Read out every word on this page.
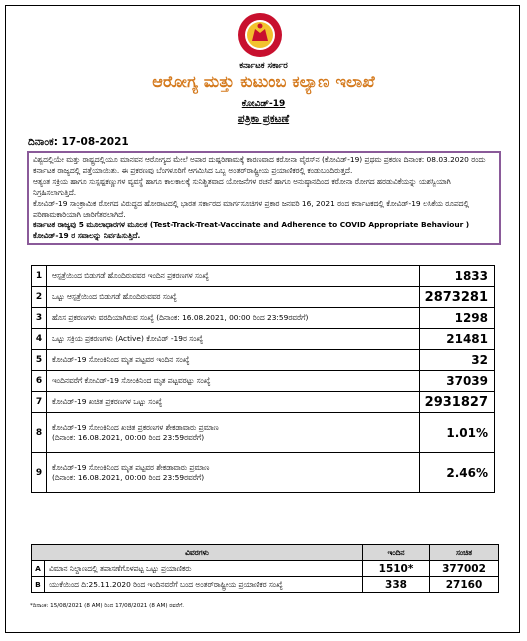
ಕರ್ನಾಟಕ ಸರ್ಕಾರ
ಆರೋಗ್ಯ ಮತ್ತು ಕುಟುಂಬ ಕಲ್ಯಾಣ ಇಲಾಖೆ
ಕೋವಿಡ್-19
ಪತ್ರಿಕಾ ಪ್ರಕಟಣೆ
ದಿನಾಂಕ: 17-08-2021

ವಿಶ್ವದಲ್ಲಿಯೇ ಮತ್ತು ರಾಷ್ಟ್ರದಲ್ಲಿಯೂ ಮಾನವನ ಆರೋಗ್ಯದ ಮೇಲೆ ಅಪಾರ ದುಷ್ಪರಿಣಾಮಕ್ಕೆ ಕಾರಣವಾದ ಕರೋನಾ ವೈರಸ್‌ನ (ಕೋವಿಡ್-19) ಪ್ರಥಮ ಪ್ರಕರಣ ದಿನಾಂಕ: 08.03.2020 ರಂದು ಕರ್ನಾಟಕ ರಾಜ್ಯದಲ್ಲಿ ಪತ್ತೆಯಾಯಿತು. ಈ ಪ್ರಕರಣವು ಬೆಂಗಳೂರಿಗೆ ಆಗಮಿಸಿದ ಒಬ್ಬ ಅಂತರ್‌ರಾಷ್ಟ್ರೀಯ ಪ್ರಯಾಣಿಕರಲ್ಲಿ ಕಂಡುಬಂದಿರುತ್ತದೆ.

ಆತ್ಯಂತ ಸಕ್ರಿಯ ಹಾಗೂ ಸುಸ್ಪಷ್ಟಕಣ್ಣುಗಳ ವ್ಯವಸ್ಥೆ ಹಾಗೂ ಕಾಲಕಾಲಕ್ಕೆ ಸುನಿಶ್ಚಿತವಾದ ಯೋಜನೆಗಳ ರಚನೆ ಹಾಗೂ ಅನುಷ್ಠಾನದಿಂದ ಕರೋನಾ ರೋಗದ ಹರಡುವಿಕೆಯನ್ನು ಯಶಸ್ವಿಯಾಗಿ ನಿಗ್ರಹಿಸಲಾಗುತ್ತಿದೆ.

ಕೋವಿಡ್-19 ಸಾಂಕ್ರಾಮಿಕ ರೋಗದ ವಿರುದ್ಧದ ಹೋರಾಟದಲ್ಲಿ ಭಾರತ ಸರ್ಕಾರದ ಮಾರ್ಗಸೂಚಿಗಳ ಪ್ರಕಾರ ಜನವರಿ 16, 2021 ರಂದ ಕರ್ನಾಟಕದಲ್ಲಿ ಕೋವಿಡ್-19 ಲಸಿಕೆಯ ರೂಪದಲ್ಲಿ ಪರಿಣಾಮಕಾರಿಯಾಗಿ ಜಾರಿಗೆತರಲಾಗಿದೆ.

ಕರ್ನಾಟಕ ರಾಜ್ಯವು 5 ಮೂಲಾಧಾರಗಳ ಮೂಲಕ (Test-Track-Treat-Vaccinate and Adherence to COVID Appropriate Behaviour ) ಕೋವಿಡ್-19 ರ ಸವಾಲನ್ನು ನಿರ್ವಹಿಸುತ್ತಿದೆ.

1	ಆಸ್ಪತ್ರೆಯಿಂದ ಬಿಡುಗಡೆ ಹೊಂದಿರುವವರ ಇಂದಿನ ಪ್ರಕರಣಗಳ ಸಂಖ್ಯೆ	1833
2	ಒಟ್ಟು ಆಸ್ಪತ್ರೆಯಿಂದ ಬಿಡುಗಡೆ ಹೊಂದಿರುವವರ ಸಂಖ್ಯೆ	2873281
3	ಹೊಸ ಪ್ರಕರಣಗಳು ವರದಿಯಾಗಿರುವ ಸಂಖ್ಯೆ (ದಿನಾಂಕ: 16.08.2021, 00:00 ರಿಂದ 23:59ರವರೆಗೆ)	1298
4	ಒಟ್ಟು ಸಕ್ರಿಯ ಪ್ರಕರಣಗಳು (Active) ಕೋವಿಡ್ -19ರ ಸಂಖ್ಯೆ	21481
5	ಕೋವಿಡ್-19 ಸೋಂಕಿನಿಂದ ಮೃತ ಪಟ್ಟವರ ಇಂದಿನ ಸಂಖ್ಯೆ	32
6	ಇಂದಿನವರೆಗೆ ಕೋವಿಡ್-19 ಸೋಂಕಿನಿಂದ ಮೃತ ಪಟ್ಟವರಟ್ಟು ಸಂಖ್ಯೆ	37039
7	ಕೋವಿಡ್-19 ಖಚಿತ ಪ್ರಕರಣಗಳ ಒಟ್ಟು ಸಂಖ್ಯೆ	2931827
8	ಕೋವಿಡ್-19 ಸೋಂಕಿನಿಂದ ಖಚಿತ ಪ್ರಕರಣಗಳ ಶೇಕಡಾವಾರು ಪ್ರಮಾಣ
(ದಿನಾಂಕ: 16.08.2021, 00:00 ರಿಂದ 23:59ರವರೆಗೆ)	1.01%
9	ಕೋವಿಡ್-19 ಸೋಂಕಿನಿಂದ ಮೃತ ಪಟ್ಟವರ ಶೇಕಡಾವಾರು ಪ್ರಮಾಣ
(ದಿನಾಂಕ: 16.08.2021, 00:00 ರಿಂದ 23:59ರವರೆಗೆ)	2.46%
ವಿವರಗಳು		ಇಂದಿನ	ಸಂಚಿತ
A	ವಿಮಾನ ನಿಲ್ದಾಣದಲ್ಲಿ ತಪಾಸಣೆಗೊಳಪಟ್ಟ ಒಟ್ಟು ಪ್ರಯಾಣಿಕರು	1510*	377002
B	ಯುಕೆಯಿಂದ ದಿ:25.11.2020 ರಿಂದ ಇಂದಿನವರೆಗೆ ಬಂದ ಅಂತರ್‌ರಾಷ್ಟ್ರೀಯ ಪ್ರಯಾಣಿಕರ ಸಂಖ್ಯೆ	338	27160
*ದಿನಾಂಕ: 15/08/2021 (8 AM) ರಿಂದ 17/08/2021 (8 AM) ರವರೆಗೆ.
